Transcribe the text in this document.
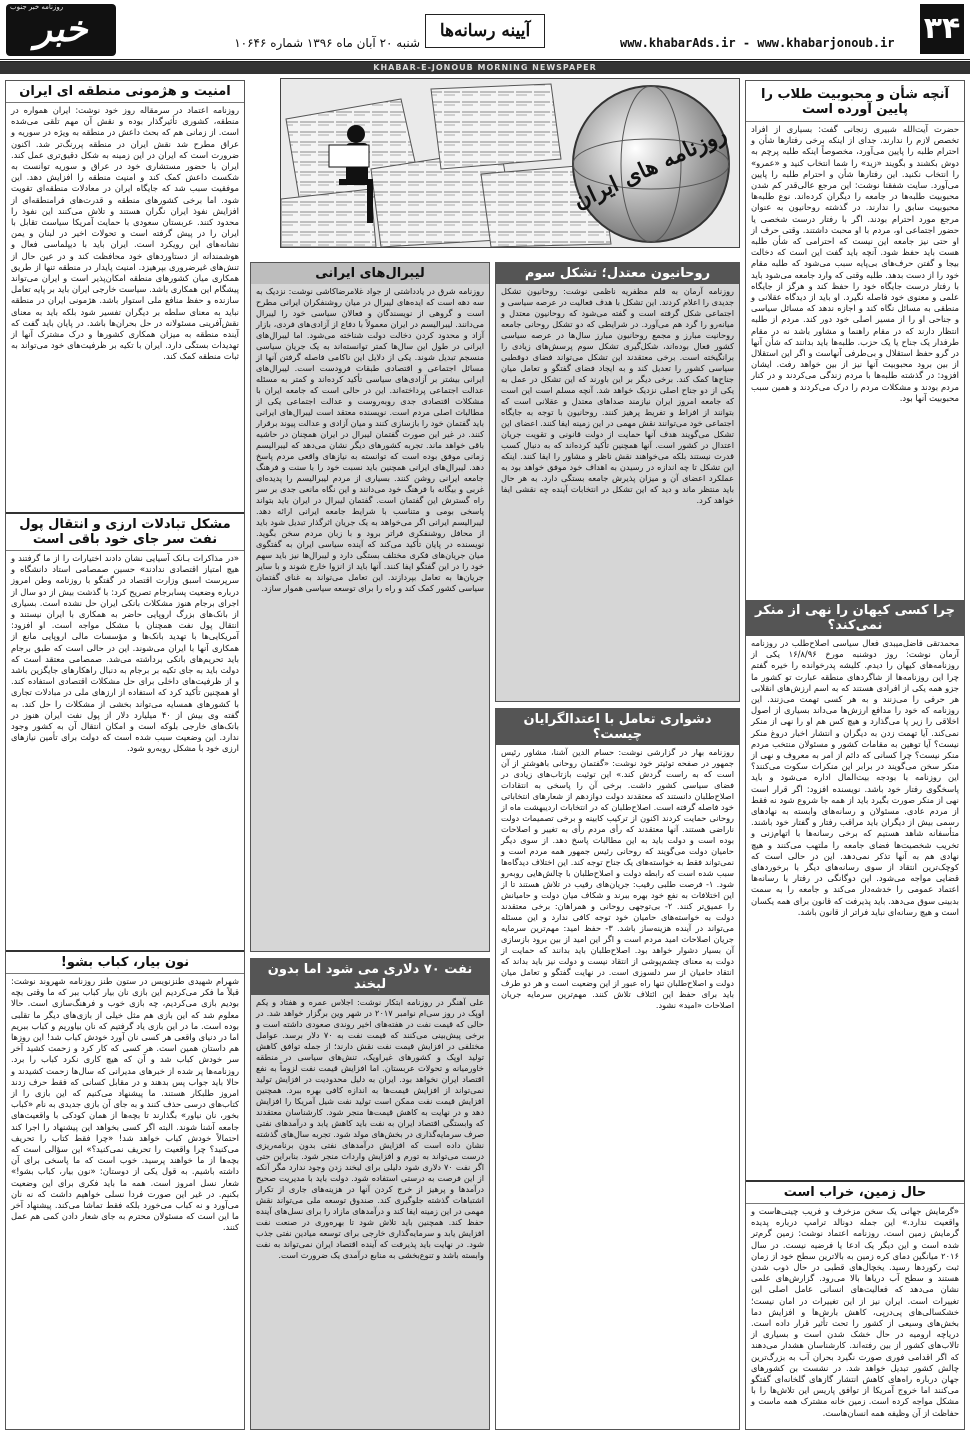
۳۴
www.khabarAds.ir - www.khabarjonoub.ir
آیینه رسانه‌ها
شنبه ۲۰ آبان ماه ۱۳۹۶ شماره ۱۰۶۴۶
خبر
روزنامه خبر جنوب
KHABAR-E-JONOUB MORNING NEWSPAPER
روزنامه های ایران
آنچه شأن و محبوبیت طلاب را
پایین آورده است
حضرت آیت‌الله شبیری زنجانی گفت: بسیاری از افراد تخصص لازم را ندارند. جدای از اینکه برخی رفتارها شأن و احترام طلبه را پایین می‌آورد، مخصوصاً اینکه طلبه پرچم به دوش بکشند و بگویند «زید» را شما انتخاب کنید و «عمرو» را انتخاب نکنید. این رفتارها شأن و احترام طلبه را پایین می‌آورد. سایت شفقنا نوشت: این مرجع عالی‌قدر کم شدن محبوبیت طلبه‌ها در جامعه را دیگران کرده‌اند. نوع طلبه‌ها محبوبیت سابق را ندارند. در گذشته روحانیون به عنوان مرجع مورد احترام بودند. اگر با رفتار درست شخصی یا حضور اجتماعی او، مردم با او محبت داشتند. وقتی حرف از او حتی نیز جامعه این نیست که احترامی که شأن طلبه هست باید حفظ شود. آنچه باید گفت این است که دخالت بیجا و گفتن حرف‌های بی‌پایه سبب می‌شود که طلبه مقام خود را از دست بدهد. طلبه وقتی که وارد جامعه می‌شود باید با رفتار درست جایگاه خود را حفظ کند و هرگز از جایگاه علمی و معنوی خود فاصله نگیرد. او باید از دیدگاه عقلانی و منطقی به مسائل نگاه کند و اجازه ندهد که مسائل سیاسی و جناحی او را از مسیر اصلی خود دور کند. مردم از طلبه انتظار دارند که در مقام راهنما و مشاور باشد نه در مقام طرفدار یک جناح یا یک حزب. طلبه‌ها باید بدانند که شأن آنها در گرو حفظ استقلال و بی‌طرفی آنهاست و اگر این استقلال از بین برود محبوبیت آنها نیز از بین خواهد رفت. ایشان افزود: در گذشته طلبه‌ها با مردم زندگی می‌کردند و در کنار مردم بودند و مشکلات مردم را درک می‌کردند و همین سبب محبوبیت آنها بود.
چرا کسی کیهان را نهی از منکر نمی‌کند؟
محمدتقی فاضل‌میبدی فعال سیاسی اصلاح‌طلب در روزنامه آرمان نوشت: روز دوشنبه مورخ ۱۶/۸/۹۶ یکی از روزنامه‌های کیهان را دیدم. کلیشه پدرخوانده را خیره گفتم چرا این روزنامه‌ها از شاگردهای منطقه عبارت تو کشور ما جزو همه یکی از افرادی هستند که به اسم ارزش‌های انقلابی هر حرفی را می‌زنند و به هر کسی تهمت می‌زنند. این روزنامه که خود را مدافع ارزش‌ها می‌داند بسیاری از اصول اخلاقی را زیر پا می‌گذارد و هیچ کس هم او را نهی از منکر نمی‌کند. آیا تهمت زدن به دیگران و انتشار اخبار دروغ منکر نیست؟ آیا توهین به مقامات کشور و مسئولان منتخب مردم منکر نیست؟ چرا کسانی که دائم از امر به معروف و نهی از منکر سخن می‌گویند در برابر این منکرات سکوت می‌کنند؟ این روزنامه با بودجه بیت‌المال اداره می‌شود و باید پاسخگوی رفتار خود باشد. نویسنده افزود: اگر قرار است نهی از منکر صورت بگیرد باید از همه جا شروع شود نه فقط از مردم عادی. مسئولان و رسانه‌های وابسته به نهادهای رسمی بیش از دیگران باید مراقب رفتار و گفتار خود باشند. متأسفانه شاهد هستیم که برخی رسانه‌ها با اتهام‌زنی و تخریب شخصیت‌ها فضای جامعه را ملتهب می‌کنند و هیچ نهادی هم به آنها تذکر نمی‌دهد. این در حالی است که کوچک‌ترین انتقاد از سوی رسانه‌های دیگر با برخوردهای قضایی مواجه می‌شود. این دوگانگی در رفتار با رسانه‌ها اعتماد عمومی را خدشه‌دار می‌کند و جامعه را به سمت بدبینی سوق می‌دهد. باید پذیرفت که قانون برای همه یکسان است و هیچ رسانه‌ای نباید فراتر از قانون باشد.
حال زمین، خراب است
«گرمایش جهانی یک سخن مزخرف و فریب چینی‌هاست و واقعیت ندارد.» این جمله دونالد ترامپ درباره پدیده گرمایش زمین است. روزنامه اعتماد نوشت: زمین گرم‌تر شده است و این دیگر یک ادعا یا فرضیه نیست. در سال ۲۰۱۶ میانگین دمای کره زمین به بالاترین سطح خود از زمان ثبت رکوردها رسید. یخچال‌های قطبی در حال ذوب شدن هستند و سطح آب دریاها بالا می‌رود. گزارش‌های علمی نشان می‌دهد که فعالیت‌های انسانی عامل اصلی این تغییرات است. ایران نیز از این تغییرات در امان نیست؛ خشکسالی‌های پی‌درپی، کاهش بارش‌ها و افزایش دما بخش‌های وسیعی از کشور را تحت تأثیر قرار داده است. دریاچه ارومیه در حال خشک شدن است و بسیاری از تالاب‌های کشور از بین رفته‌اند. کارشناسان هشدار می‌دهند که اگر اقدامی فوری صورت نگیرد بحران آب به بزرگ‌ترین چالش کشور تبدیل خواهد شد. در نشست بن کشورهای جهان درباره راه‌های کاهش انتشار گازهای گلخانه‌ای گفتگو می‌کنند اما خروج آمریکا از توافق پاریس این تلاش‌ها را با مشکل مواجه کرده است. زمین خانه مشترک همه ماست و حفاظت از آن وظیفه همه انسان‌هاست.
روحانیون معتدل؛ تشکل سوم
روزنامه آرمان به قلم مظفریه ناظمی نوشت: روحانیون تشکل جدیدی را اعلام کردند. این تشکل با هدف فعالیت در عرصه سیاسی و اجتماعی شکل گرفته است و گفته می‌شود که روحانیون معتدل و میانه‌رو را گرد هم می‌آورد. در شرایطی که دو تشکل روحانی جامعه روحانیت مبارز و مجمع روحانیون مبارز سال‌ها در عرصه سیاسی کشور فعال بوده‌اند، شکل‌گیری تشکل سوم پرسش‌های زیادی را برانگیخته است. برخی معتقدند این تشکل می‌تواند فضای دوقطبی سیاسی کشور را تعدیل کند و به ایجاد فضای گفتگو و تعامل میان جناح‌ها کمک کند. برخی دیگر بر این باورند که این تشکل در عمل به یکی از دو جناح اصلی نزدیک خواهد شد. آنچه مسلم است این است که جامعه امروز ایران نیازمند صداهای معتدل و عقلانی است که بتوانند از افراط و تفریط پرهیز کنند. روحانیون با توجه به جایگاه اجتماعی خود می‌توانند نقش مهمی در این زمینه ایفا کنند. اعضای این تشکل می‌گویند هدف آنها حمایت از دولت قانونی و تقویت جریان اعتدال در کشور است. آنها همچنین تأکید کرده‌اند که به دنبال کسب قدرت نیستند بلکه می‌خواهند نقش ناظر و مشاور را ایفا کنند. اینکه این تشکل تا چه اندازه در رسیدن به اهداف خود موفق خواهد بود به عملکرد اعضای آن و میزان پذیرش جامعه بستگی دارد. به هر حال باید منتظر ماند و دید که این تشکل در انتخابات آینده چه نقشی ایفا خواهد کرد.
دشواری تعامل با اعتدالگرایان چیست؟
روزنامه بهار در گزارشی نوشت: حسام الدین آشنا، مشاور رئیس جمهور در صفحه توئیتر خود نوشت: «گفتمان روحانی باهوشترِ از آن است که به راست گردش کند.» این توئیت بازتاب‌های زیادی در فضای سیاسی کشور داشت. برخی آن را پاسخی به انتقادات اصلاح‌طلبان دانستند که معتقدند دولت دوازدهم از شعارهای انتخاباتی خود فاصله گرفته است. اصلاح‌طلبان که در انتخابات اردیبهشت ماه از روحانی حمایت کردند اکنون از ترکیب کابینه و برخی تصمیمات دولت ناراضی هستند. آنها معتقدند که رأی مردم رأی به تغییر و اصلاحات بوده است و دولت باید به این مطالبات پاسخ دهد. از سوی دیگر حامیان دولت می‌گویند که روحانی رئیس جمهور همه مردم است و نمی‌تواند فقط به خواسته‌های یک جناح توجه کند. این اختلاف دیدگاه‌ها سبب شده است که رابطه دولت و اصلاح‌طلبان با چالش‌هایی روبه‌رو شود. ۱- فرصت طلبی رقیب: جریان‌های رقیب در تلاش هستند تا از این اختلافات به نفع خود بهره ببرند و شکاف میان دولت و حامیانش را عمیق‌تر کنند. ۲- بی‌توجهی روحانی و همراهان: برخی معتقدند دولت به خواسته‌های حامیان خود توجه کافی ندارد و این مسئله می‌تواند در آینده هزینه‌ساز باشد. ۳- حفظ امید: مهم‌ترین سرمایه جریان اصلاحات امید مردم است و اگر این امید از بین برود بازسازی آن بسیار دشوار خواهد بود. اصلاح‌طلبان باید بدانند که حمایت از دولت به معنای چشم‌پوشی از انتقاد نیست و دولت نیز باید بداند که انتقاد حامیان از سر دلسوزی است. در نهایت گفتگو و تعامل میان دولت و اصلاح‌طلبان تنها راه عبور از این وضعیت است و هر دو طرف باید برای حفظ این ائتلاف تلاش کنند. مهم‌ترین سرمایه جریان اصلاحات «امید» نشود.
لیبرال‌های ایرانی
روزنامه شرق در یادداشتی از جواد غلامرضاکاشی نوشت: نزدیک به سه دهه است که ایده‌های لیبرال در میان روشنفکران ایرانی مطرح است و گروهی از نویسندگان و فعالان سیاسی خود را لیبرال می‌دانند. لیبرالیسم در ایران معمولاً با دفاع از آزادی‌های فردی، بازار آزاد و محدود کردن دخالت دولت شناخته می‌شود. اما لیبرال‌های ایرانی در طول این سال‌ها کمتر توانسته‌اند به یک جریان سیاسی منسجم تبدیل شوند. یکی از دلایل این ناکامی فاصله گرفتن آنها از مسائل اجتماعی و اقتصادی طبقات فرودست است. لیبرال‌های ایرانی بیشتر بر آزادی‌های سیاسی تأکید کرده‌اند و کمتر به مسئله عدالت اجتماعی پرداخته‌اند. این در حالی است که جامعه ایران با مشکلات اقتصادی جدی روبه‌روست و عدالت اجتماعی یکی از مطالبات اصلی مردم است. نویسنده معتقد است لیبرال‌های ایرانی باید گفتمان خود را بازسازی کنند و میان آزادی و عدالت پیوند برقرار کنند. در غیر این صورت گفتمان لیبرال در ایران همچنان در حاشیه باقی خواهد ماند. تجربه کشورهای دیگر نشان می‌دهد که لیبرالیسم زمانی موفق بوده است که توانسته به نیازهای واقعی مردم پاسخ دهد. لیبرال‌های ایرانی همچنین باید نسبت خود را با سنت و فرهنگ جامعه ایرانی روشن کنند. بسیاری از مردم لیبرالیسم را پدیده‌ای غربی و بیگانه با فرهنگ خود می‌دانند و این نگاه مانعی جدی بر سر راه گسترش این گفتمان است. گفتمان لیبرال در ایران باید بتواند پاسخی بومی و متناسب با شرایط جامعه ایرانی ارائه دهد. لیبرالیسم ایرانی اگر می‌خواهد به یک جریان اثرگذار تبدیل شود باید از محافل روشنفکری فراتر برود و با زبان مردم سخن بگوید. نویسنده در پایان تأکید می‌کند که آینده سیاسی ایران به گفتگوی میان جریان‌های فکری مختلف بستگی دارد و لیبرال‌ها نیز باید سهم خود را در این گفتگو ایفا کنند. آنها باید از انزوا خارج شوند و با سایر جریان‌ها به تعامل بپردازند. این تعامل می‌تواند به غنای گفتمان سیاسی کشور کمک کند و راه را برای توسعه سیاسی هموار سازد.
نفت ۷۰ دلاری می شود اما بدون لبخند
علی آهنگر در روزنامه ابتکار نوشت: اجلاس عمره و هفتاد و یکم اوپک در روز سی‌ام نوامبر ۲۰۱۷ در شهر وین برگزار خواهد شد. در حالی که قیمت نفت در هفته‌های اخیر روندی صعودی داشته است و برخی پیش‌بینی می‌کنند که قیمت نفت به ۷۰ دلار برسد. عوامل مختلفی در افزایش قیمت نفت نقش دارند؛ از جمله توافق کاهش تولید اوپک و کشورهای غیراوپک، تنش‌های سیاسی در منطقه خاورمیانه و تحولات عربستان. اما افزایش قیمت نفت لزوماً به نفع اقتصاد ایران نخواهد بود. ایران به دلیل محدودیت در افزایش تولید نمی‌تواند از افزایش قیمت‌ها به اندازه کافی بهره ببرد. همچنین افزایش قیمت نفت ممکن است تولید نفت شیل آمریکا را افزایش دهد و در نهایت به کاهش قیمت‌ها منجر شود. کارشناسان معتقدند که وابستگی اقتصاد ایران به نفت باید کاهش یابد و درآمدهای نفتی صرف سرمایه‌گذاری در بخش‌های مولد شود. تجربه سال‌های گذشته نشان داده است که افزایش درآمدهای نفتی بدون برنامه‌ریزی درست می‌تواند به تورم و افزایش واردات منجر شود. بنابراین حتی اگر نفت ۷۰ دلاری شود دلیلی برای لبخند زدن وجود ندارد مگر آنکه از این فرصت به درستی استفاده شود. دولت باید با مدیریت صحیح درآمدها و پرهیز از خرج کردن آنها در هزینه‌های جاری از تکرار اشتباهات گذشته جلوگیری کند. صندوق توسعه ملی می‌تواند نقش مهمی در این زمینه ایفا کند و درآمدهای مازاد را برای نسل‌های آینده حفظ کند. همچنین باید تلاش شود تا بهره‌وری در صنعت نفت افزایش یابد و سرمایه‌گذاری خارجی برای توسعه میادین نفتی جذب شود. در نهایت باید پذیرفت که آینده اقتصاد ایران نمی‌تواند به نفت وابسته باشد و تنوع‌بخشی به منابع درآمدی یک ضرورت است.
امنیت و هژمونی منطقه ای ایران
روزنامه اعتماد در سرمقاله روز خود نوشت: ایران همواره در منطقه، کشوری تأثیرگذار بوده و نقش آن مهم تلقی می‌شده است. از زمانی هم که بحث داعش در منطقه به ویژه در سوریه و عراق مطرح شد نقش ایران در منطقه پررنگ‌تر شد. اکنون ضرورت است که ایران در این زمینه به شکل دقیق‌تری عمل کند. ایران با حضور مستشاری خود در عراق و سوریه توانست به شکست داعش کمک کند و امنیت منطقه را افزایش دهد. این موفقیت سبب شد که جایگاه ایران در معادلات منطقه‌ای تقویت شود. اما برخی کشورهای منطقه و قدرت‌های فرامنطقه‌ای از افزایش نفوذ ایران نگران هستند و تلاش می‌کنند این نفوذ را محدود کنند. عربستان سعودی با حمایت آمریکا سیاست تقابل با ایران را در پیش گرفته است و تحولات اخیر در لبنان و یمن نشانه‌های این رویکرد است. ایران باید با دیپلماسی فعال و هوشمندانه از دستاوردهای خود محافظت کند و در عین حال از تنش‌های غیرضروری بپرهیزد. امنیت پایدار در منطقه تنها از طریق همکاری میان کشورهای منطقه امکان‌پذیر است و ایران می‌تواند پیشگام این همکاری باشد. سیاست خارجی ایران باید بر پایه تعامل سازنده و حفظ منافع ملی استوار باشد. هژمونی ایران در منطقه نباید به معنای سلطه بر دیگران تفسیر شود بلکه باید به معنای نقش‌آفرینی مسئولانه در حل بحران‌ها باشد. در پایان باید گفت که آینده منطقه به میزان همکاری کشورها و درک مشترک آنها از تهدیدات بستگی دارد. ایران با تکیه بر ظرفیت‌های خود می‌تواند به ثبات منطقه کمک کند.
مشکل تبادلات ارزی و انتقال پول نفت سر جای خود باقی است
«در مذاکرات بـانک آسیایی نشان دادند اختیارات را از ما گرفتند و هیچ امتیاز اقتصادی ندادند» حسین صمصامی استاد دانشگاه و سرپرست اسبق وزارت اقتصاد در گفتگو با روزنامه وطن امروز درباره وضعیت پسابرجام تصریح کرد: با گذشت بیش از دو سال از اجرای برجام هنوز مشکلات بانکی ایران حل نشده است. بسیاری از بانک‌های بزرگ اروپایی حاضر به همکاری با ایران نیستند و انتقال پول نفت همچنان با مشکل مواجه است. او افزود: آمریکایی‌ها با تهدید بانک‌ها و مؤسسات مالی اروپایی مانع از همکاری آنها با ایران می‌شوند. این در حالی است که طبق برجام باید تحریم‌های بانکی برداشته می‌شد. صمصامی معتقد است که دولت باید به جای تکیه بر برجام به دنبال راهکارهای جایگزین باشد و از ظرفیت‌های داخلی برای حل مشکلات اقتصادی استفاده کند. او همچنین تأکید کرد که استفاده از ارزهای ملی در مبادلات تجاری با کشورهای همسایه می‌تواند بخشی از مشکلات را حل کند. به گفته وی بیش از ۴۰ میلیارد دلار از پول نفت ایران هنوز در بانک‌های خارجی بلوکه است و امکان انتقال آن به کشور وجود ندارد. این وضعیت سبب شده است که دولت برای تأمین نیازهای ارزی خود با مشکل روبه‌رو شود.
نون بیار، کباب بشو!
شهرام شهیدی طنزنویس در ستون طنز روزنامه شهروند نوشت: قبلاً ما فکر می‌کردیم این بازی نان بیار کباب ببر که ما وقتی بچه بودیم بازی می‌کردیم، چه بازی خوب و فرهنگ‌سازی است. حالا معلوم شد که این بازی هم مثل خیلی از بازی‌های دیگر ما تقلبی بوده است. ما در این بازی یاد گرفتیم که نان بیاوریم و کباب ببریم اما در دنیای واقعی هر کسی نان آورد خودش کباب شد! این روزها هم داستان همین است. هر کسی که کار کرد و زحمت کشید آخر سر خودش کباب شد و آن که هیچ کاری نکرد کباب را برد. روزنامه‌ها پر شده از خبرهای مدیرانی که سال‌ها زحمت کشیدند و حالا باید جواب پس بدهند و در مقابل کسانی که فقط حرف زدند امروز طلبکار هستند. ما پیشنهاد می‌کنیم که این بازی را از کتاب‌های درسی حذف کنند و به جای آن بازی جدیدی به نام «کباب بخور، نان نیاور» بگذارند تا بچه‌ها از همان کودکی با واقعیت‌های جامعه آشنا شوند. البته اگر کسی بخواهد این پیشنهاد را اجرا کند احتمالاً خودش کباب خواهد شد! «چرا فقط کتاب را تحریف می‌کنید؟ چرا واقعیت را تحریف نمی‌کنید؟» این سؤالی است که بچه‌ها از ما خواهند پرسید. خوب است که ما پاسخی برای آن داشته باشیم. به قول یکی از دوستان: «نون بیار، کباب بشو!» شعار نسل امروز است. همه ما باید فکری برای این وضعیت بکنیم. در غیر این صورت فردا نسلی خواهیم داشت که نه نان می‌آورد و نه کباب می‌خورد بلکه فقط تماشا می‌کند. پیشنهاد آخر ما این است که مسئولان محترم به جای شعار دادن کمی هم عمل کنند.
